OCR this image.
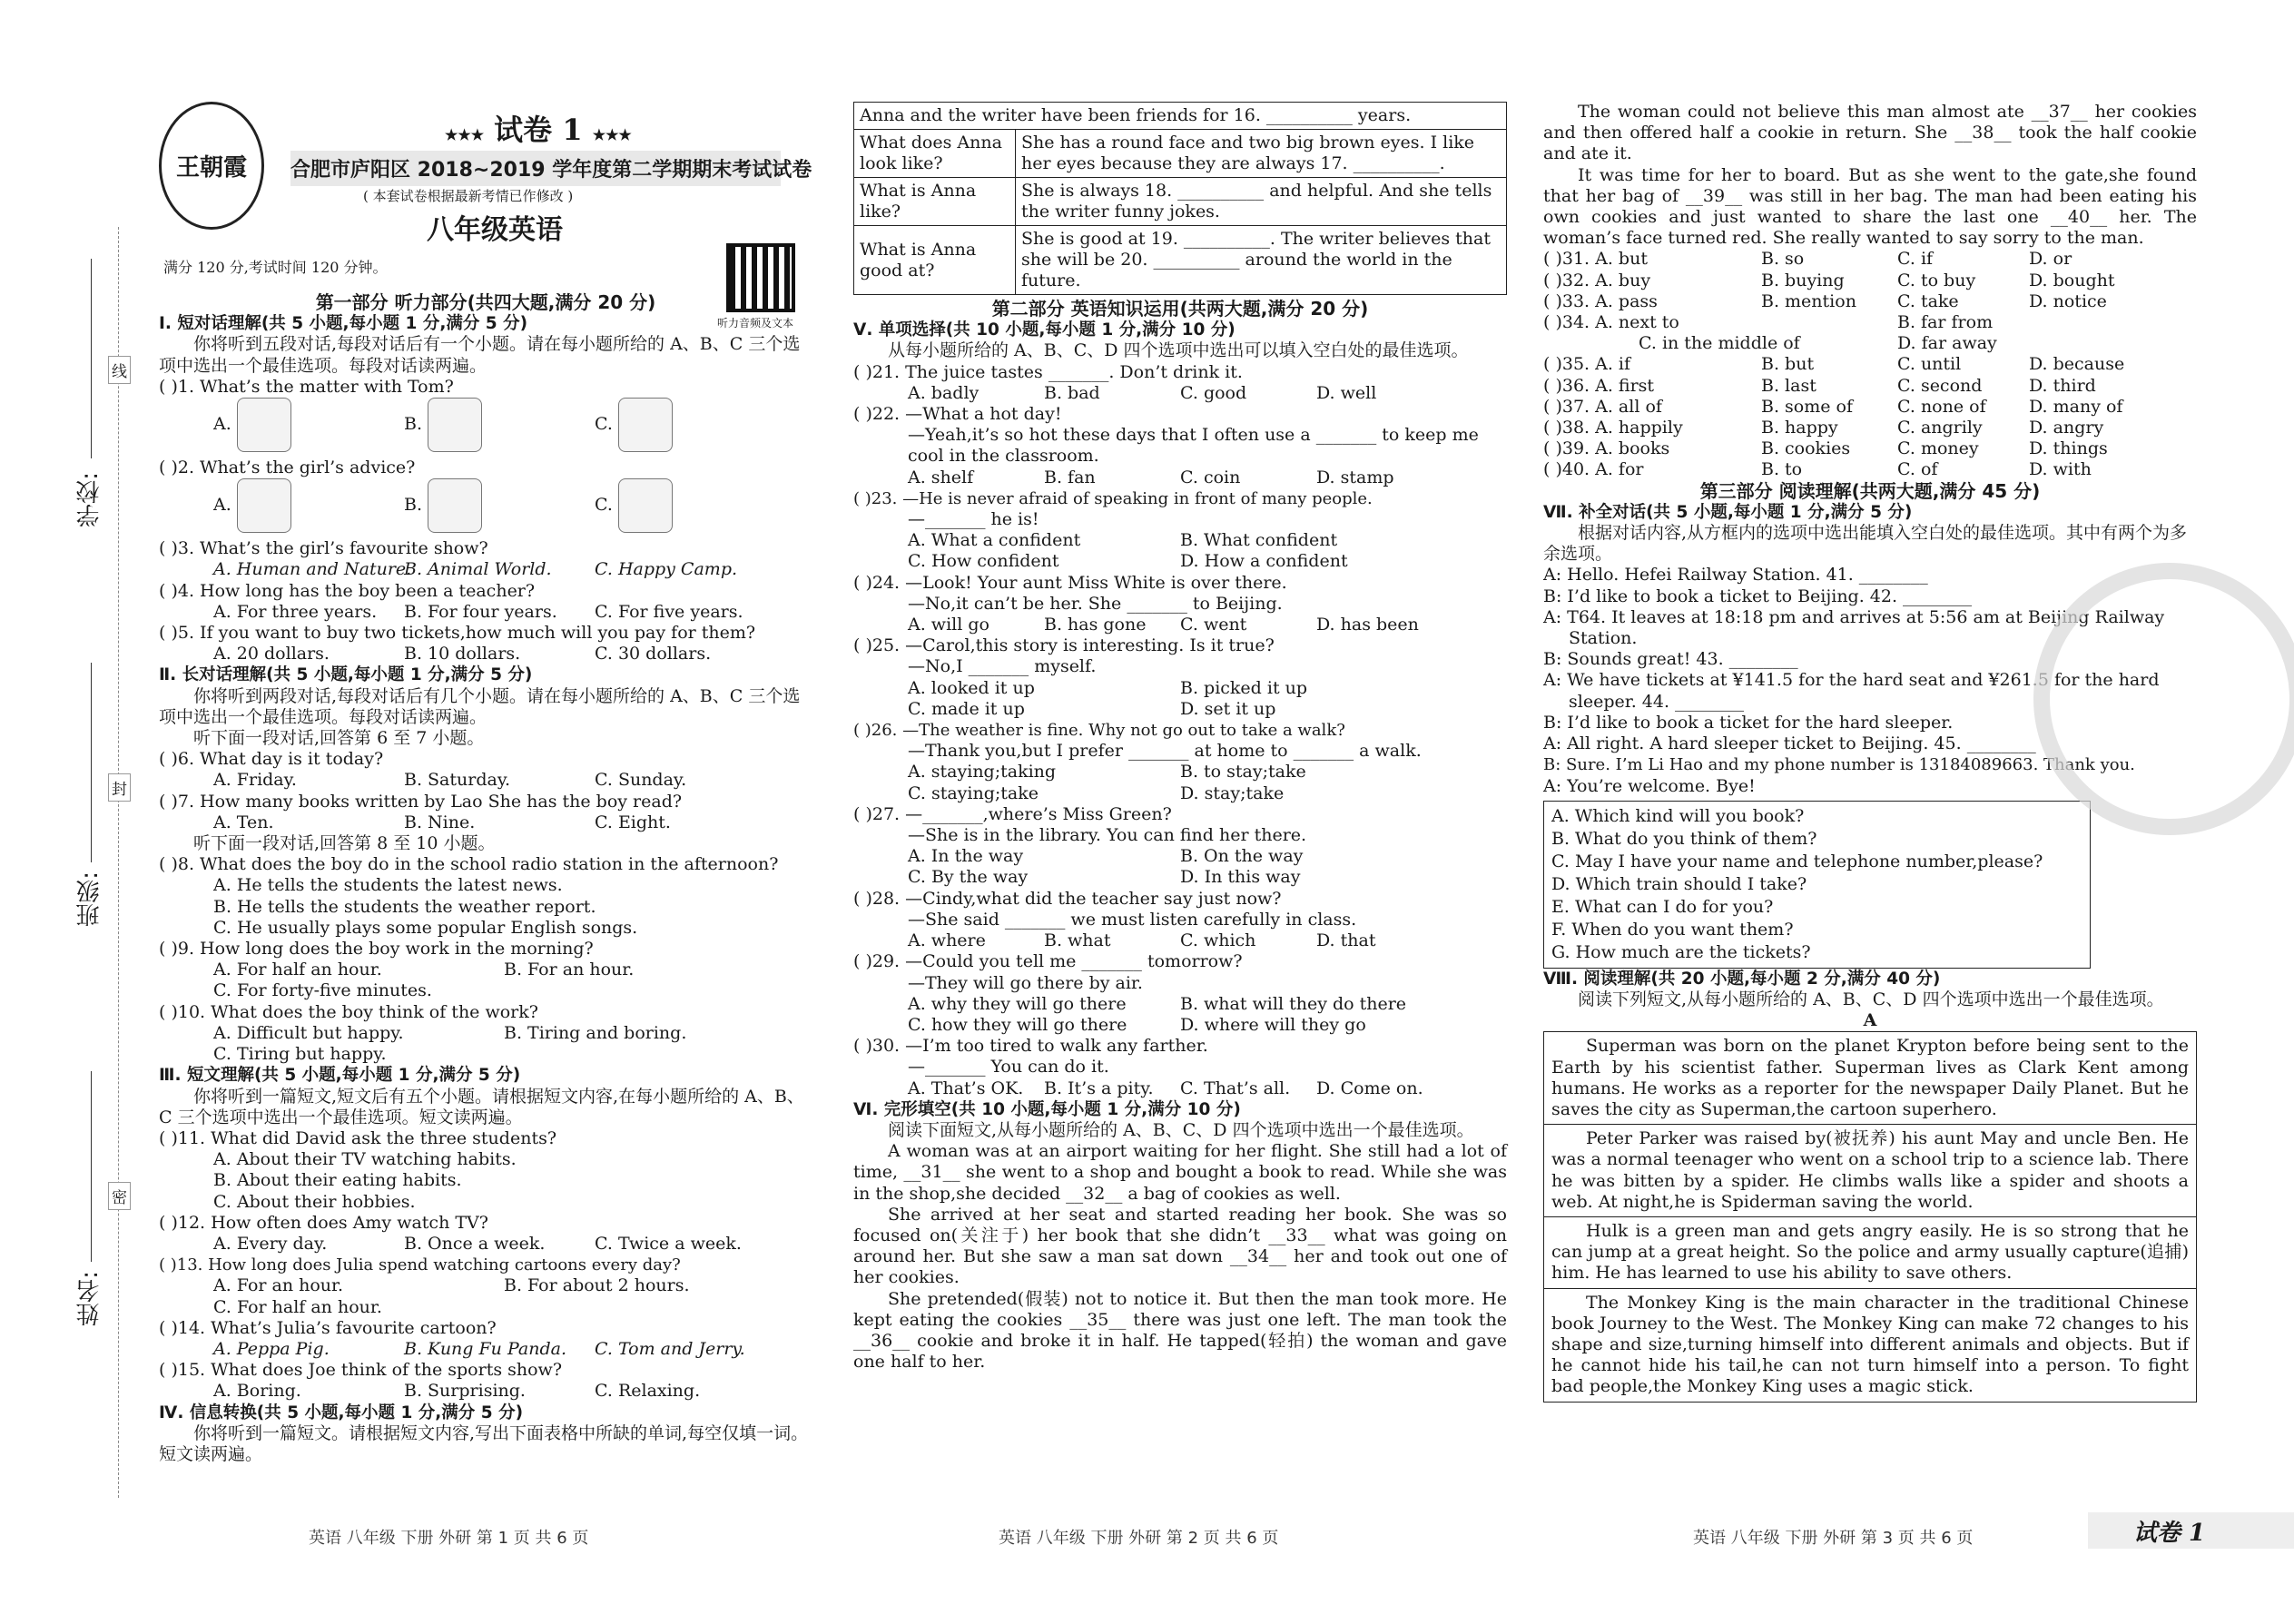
学校:
班级:
姓名:
线
封
密
王朝霞
★★★ 试卷 1 ★★★
合肥市庐阳区 2018~2019 学年度第二学期期末考试试卷
( 本套试卷根据最新考情已作修改 )
八年级英语
满分 120 分,考试时间 120 分钟。
听力音频及文本
第一部分 听力部分(共四大题,满分 20 分)
Ⅰ. 短对话理解(共 5 小题,每小题 1 分,满分 5 分)
你将听到五段对话,每段对话后有一个小题。请在每小题所给的 A、B、C 三个选项中选出一个最佳选项。每段对话读两遍。
( )1. What’s the matter with Tom?
A.	B.	C.
( )2. What’s the girl’s advice?
A.	B.	C.
( )3. What’s the girl’s favourite show?
A. Human and Nature.
B. Animal World.	C. Happy Camp.
( )4. How long has the boy been a teacher?
A. For three years.	B. For four years.	C. For five years.
( )5. If you want to buy two tickets,how much will you pay for them?
A. 20 dollars.	B. 10 dollars.	C. 30 dollars.
Ⅱ. 长对话理解(共 5 小题,每小题 1 分,满分 5 分)
你将听到两段对话,每段对话后有几个小题。请在每小题所给的 A、B、C 三个选项中选出一个最佳选项。每段对话读两遍。
听下面一段对话,回答第 6 至 7 小题。
( )6. What day is it today?
A. Friday.	B. Saturday.	C. Sunday.
( )7. How many books written by Lao She has the boy read?
A. Ten.	B. Nine.	C. Eight.
听下面一段对话,回答第 8 至 10 小题。
( )8. What does the boy do in the school radio station in the afternoon?
A. He tells the students the latest news.
B. He tells the students the weather report.
C. He usually plays some popular English songs.
( )9. How long does the boy work in the morning?
A. For half an hour.	B. For an hour.
C. For forty-five minutes.
( )10. What does the boy think of the work?
A. Difficult but happy.	B. Tiring and boring.
C. Tiring but happy.
Ⅲ. 短文理解(共 5 小题,每小题 1 分,满分 5 分)
你将听到一篇短文,短文后有五个小题。请根据短文内容,在每小题所给的 A、B、C 三个选项中选出一个最佳选项。短文读两遍。
( )11. What did David ask the three students?
A. About their TV watching habits.
B. About their eating habits.
C. About their hobbies.
( )12. How often does Amy watch TV?
A. Every day.	B. Once a week.	C. Twice a week.
( )13. How long does Julia spend watching cartoons every day?
A. For an hour.	B. For about 2 hours.
C. For half an hour.
( )14. What’s Julia’s favourite cartoon?
A. Peppa Pig.	B. Kung Fu Panda.	C. Tom and Jerry.
( )15. What does Joe think of the sports show?
A. Boring.	B. Surprising.	C. Relaxing.
Ⅳ. 信息转换(共 5 小题,每小题 1 分,满分 5 分)
你将听到一篇短文。请根据短文内容,写出下面表格中所缺的单词,每空仅填一词。短文读两遍。
Anna and the writer have been friends for 16. __________ years.	
What does Anna look like?	She has a round face and two big brown eyes. I like her eyes because they are always 17. __________.
What is Anna like?	She is always 18. __________ and helpful. And she tells the writer funny jokes.
What is Anna good at?	She is good at 19. __________. The writer believes that she will be 20. __________ around the world in the future.
第二部分 英语知识运用(共两大题,满分 20 分)
Ⅴ. 单项选择(共 10 小题,每小题 1 分,满分 10 分)
从每小题所给的 A、B、C、D 四个选项中选出可以填入空白处的最佳选项。
( )21. The juice tastes _______. Don’t drink it.
A. badly	B. bad	C. good	D. well
( )22. —What a hot day!
—Yeah,it’s so hot these days that I often use a _______ to keep me cool in the classroom.
A. shelf	B. fan	C. coin	D. stamp
( )23. —He is never afraid of speaking in front of many people.
—_______ he is!
A. What a confident	B. What confident
C. How confident	D. How a confident
( )24. —Look! Your aunt Miss White is over there.
—No,it can’t be her. She _______ to Beijing.
A. will go	B. has gone	C. went	D. has been
( )25. —Carol,this story is interesting. Is it true?
—No,I _______ myself.
A. looked it up	B. picked it up
C. made it up	D. set it up
( )26. —The weather is fine. Why not go out to take a walk?
—Thank you,but I prefer _______ at home to _______ a walk.
A. staying;taking	B. to stay;take
C. staying;take	D. stay;take
( )27. —_______,where’s Miss Green?
—She is in the library. You can find her there.
A. In the way	B. On the way
C. By the way	D. In this way
( )28. —Cindy,what did the teacher say just now?
—She said _______ we must listen carefully in class.
A. where	B. what	C. which	D. that
( )29. —Could you tell me _______ tomorrow?
—They will go there by air.
A. why they will go there	B. what will they do there
C. how they will go there	D. where will they go
( )30. —I’m too tired to walk any farther.
—_______ You can do it.
A. That’s OK.	B. It’s a pity.	C. That’s all.	D. Come on.
Ⅵ. 完形填空(共 10 小题,每小题 1 分,满分 10 分)
阅读下面短文,从每小题所给的 A、B、C、D 四个选项中选出一个最佳选项。
A woman was at an airport waiting for her flight. She still had a lot of time, __31__ she went to a shop and bought a book to read. While she was in the shop,she decided __32__ a bag of cookies as well.
She arrived at her seat and started reading her book. She was so focused on(关注于) her book that she didn’t __33__ what was going on around her. But she saw a man sat down __34__ her and took out one of her cookies.
She pretended(假装) not to notice it. But then the man took more. He kept eating the cookies __35__ there was just one left. The man took the __36__ cookie and broke it in half. He tapped(轻拍) the woman and gave one half to her.
The woman could not believe this man almost ate __37__ her cookies and then offered half a cookie in return. She __38__ took the half cookie and ate it.
It was time for her to board. But as she went to the gate,she found that her bag of __39__ was still in her bag. The man had been eating his own cookies and just wanted to share the last one __40__ her. The woman’s face turned red. She really wanted to say sorry to the man.
( )31. A. but	B. so	C. if	D. or
( )32. A. buy	B. buying	C. to buy	D. bought
( )33. A. pass	B. mention	C. take	D. notice
( )34. A. next to	B. far from
C. in the middle of	D. far away
( )35. A. if	B. but	C. until	D. because
( )36. A. first	B. last	C. second	D. third
( )37. A. all of	B. some of	C. none of	D. many of
( )38. A. happily	B. happy	C. angrily	D. angry
( )39. A. books	B. cookies	C. money	D. things
( )40. A. for	B. to	C. of	D. with
第三部分 阅读理解(共两大题,满分 45 分)
Ⅶ. 补全对话(共 5 小题,每小题 1 分,满分 5 分)
根据对话内容,从方框内的选项中选出能填入空白处的最佳选项。其中有两个为多余选项。
A: Hello. Hefei Railway Station. 41. ________
B: I’d like to book a ticket to Beijing. 42. ________
A: T64. It leaves at 18:18 pm and arrives at 5:56 am at Beijing Railway Station.
B: Sounds great! 43. ________
A: We have tickets at ¥141.5 for the hard seat and ¥261.5 for the hard sleeper. 44. ________
B: I’d like to book a ticket for the hard sleeper.
A: All right. A hard sleeper ticket to Beijing. 45. ________
B: Sure. I’m Li Hao and my phone number is 13184089663. Thank you.
A: You’re welcome. Bye!
A. Which kind will you book?
B. What do you think of them?
C. May I have your name and telephone number,please?
D. Which train should I take?
E. What can I do for you?
F. When do you want them?
G. How much are the tickets?
Ⅷ. 阅读理解(共 20 小题,每小题 2 分,满分 40 分)
阅读下列短文,从每小题所给的 A、B、C、D 四个选项中选出一个最佳选项。
A
Superman was born on the planet Krypton before being sent to the Earth by his scientist father. Superman lives as Clark Kent among humans. He works as a reporter for the newspaper Daily Planet. But he saves the city as Superman,the cartoon superhero.
Peter Parker was raised by(被抚养) his aunt May and uncle Ben. He was a normal teenager who went on a school trip to a science lab. There he was bitten by a spider. He climbs walls like a spider and shoots a web. At night,he is Spiderman saving the world.
Hulk is a green man and gets angry easily. He is so strong that he can jump at a great height. So the police and army usually capture(追捕) him. He has learned to use his ability to save others.
The Monkey King is the main character in the traditional Chinese book Journey to the West. The Monkey King can make 72 changes to his shape and size,turning himself into different animals and objects. But if he cannot hide his tail,he can not turn himself into a person. To fight bad people,the Monkey King uses a magic stick.
英语 八年级 下册 外研 第 1 页 共 6 页	英语 八年级 下册 外研 第 2 页 共 6 页	英语 八年级 下册 外研 第 3 页 共 6 页	试卷 1
